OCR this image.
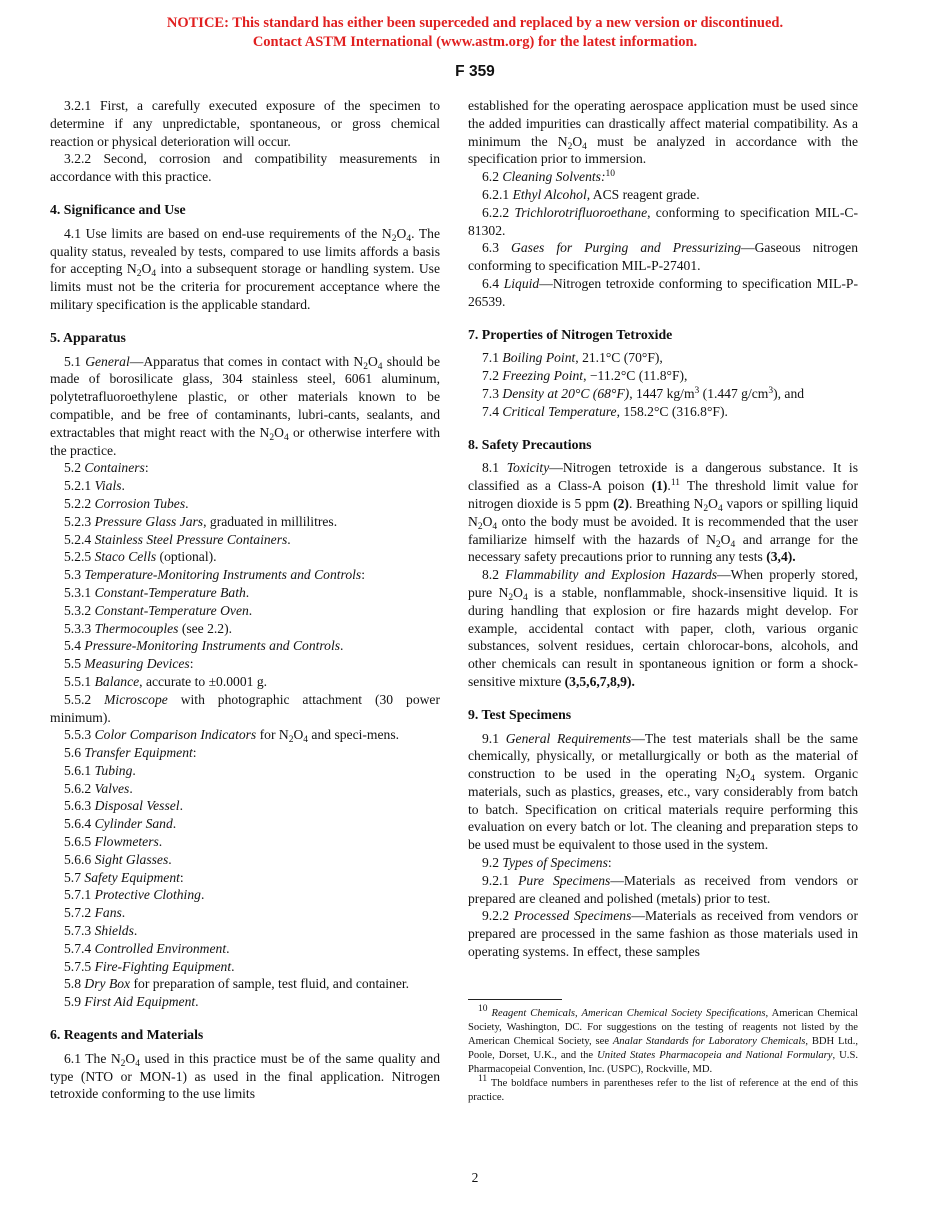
NOTICE: This standard has either been superceded and replaced by a new version or discontinued.
Contact ASTM International (www.astm.org) for the latest information.
F 359

3.2.1 First, a carefully executed exposure of the specimen to determine if any unpredictable, spontaneous, or gross chemical reaction or physical deterioration will occur.

3.2.2 Second, corrosion and compatibility measurements in accordance with this practice.

4. Significance and Use

4.1 Use limits are based on end-use requirements of the $N_2O_4$. The quality status, revealed by tests, compared to use limits affords a basis for accepting $N_2O_4$ into a subsequent storage or handling system. Use limits must not be the criteria for procurement acceptance where the military specification is the applicable standard.

5. Apparatus

5.1 General—Apparatus that comes in contact with $N_2O_4$ should be made of borosilicate glass, 304 stainless steel, 6061 aluminum, polytetrafluoroethylene plastic, or other materials known to be compatible, and be free of contaminants, lubri-cants, sealants, and extractables that might react with the $N_2O_4$ or otherwise interfere with the practice.

5.2 Containers:

5.2.1 Vials.

5.2.2 Corrosion Tubes.

5.2.3 Pressure Glass Jars, graduated in millilitres.

5.2.4 Stainless Steel Pressure Containers.

5.2.5 Staco Cells (optional).

5.3 Temperature-Monitoring Instruments and Controls:

5.3.1 Constant-Temperature Bath.

5.3.2 Constant-Temperature Oven.

5.3.3 Thermocouples (see 2.2).

5.4 Pressure-Monitoring Instruments and Controls.

5.5 Measuring Devices:

5.5.1 Balance, accurate to ±0.0001 g.

5.5.2 Microscope with photographic attachment (30 power minimum).

5.5.3 Color Comparison Indicators for $N_2O_4$ and speci-mens.

5.6 Transfer Equipment:

5.6.1 Tubing.

5.6.2 Valves.

5.6.3 Disposal Vessel.

5.6.4 Cylinder Sand.

5.6.5 Flowmeters.

5.6.6 Sight Glasses.

5.7 Safety Equipment:

5.7.1 Protective Clothing.

5.7.2 Fans.

5.7.3 Shields.

5.7.4 Controlled Environment.

5.7.5 Fire-Fighting Equipment.

5.8 Dry Box for preparation of sample, test fluid, and container.

5.9 First Aid Equipment.

6. Reagents and Materials

6.1 The $N_2O_4$ used in this practice must be of the same quality and type (NTO or MON-1) as used in the final application. Nitrogen tetroxide conforming to the use limits

established for the operating aerospace application must be used since the added impurities can drastically affect material compatibility. As a minimum the $N_2O_4$ must be analyzed in accordance with the specification prior to immersion.

6.2 Cleaning Solvents:$^{10}$

6.2.1 Ethyl Alcohol, ACS reagent grade.

6.2.2 Trichlorotrifluoroethane, conforming to specification MIL-C-81302.

6.3 Gases for Purging and Pressurizing—Gaseous nitrogen conforming to specification MIL-P-27401.

6.4 Liquid—Nitrogen tetroxide conforming to specification MIL-P-26539.

7. Properties of Nitrogen Tetroxide

7.1 Boiling Point, 21.1°C (70°F),

7.2 Freezing Point, −11.2°C (11.8°F),

7.3 Density at 20°C (68°F), 1447 $kg/m^3$ (1.447 $g/cm^3$), and

7.4 Critical Temperature, 158.2°C (316.8°F).

8. Safety Precautions

8.1 Toxicity—Nitrogen tetroxide is a dangerous substance. It is classified as a Class-A poison (1).$^{11}$ The threshold limit value for nitrogen dioxide is 5 ppm (2). Breathing $N_2O_4$ vapors or spilling liquid $N_2O_4$ onto the body must be avoided. It is recommended that the user familiarize himself with the hazards of $N_2O_4$ and arrange for the necessary safety precautions prior to running any tests (3,4).

8.2 Flammability and Explosion Hazards—When properly stored, pure $N_2O_4$ is a stable, nonflammable, shock-insensitive liquid. It is during handling that explosion or fire hazards might develop. For example, accidental contact with paper, cloth, various organic substances, solvent residues, certain chlorocar-bons, alcohols, and other chemicals can result in spontaneous ignition or form a shock-sensitive mixture (3,5,6,7,8,9).

9. Test Specimens

9.1 General Requirements—The test materials shall be the same chemically, physically, or metallurgically or both as the material of construction to be used in the operating $N_2O_4$ system. Organic materials, such as plastics, greases, etc., vary considerably from batch to batch. Specification on critical materials require performing this evaluation on every batch or lot. The cleaning and preparation steps to be used must be equivalent to those used in the system.

9.2 Types of Specimens:

9.2.1 Pure Specimens—Materials as received from vendors or prepared are cleaned and polished (metals) prior to test.

9.2.2 Processed Specimens—Materials as received from vendors or prepared are processed in the same fashion as those materials used in operating systems. In effect, these samples

$^{10}$ Reagent Chemicals, American Chemical Society Specifications, American Chemical Society, Washington, DC. For suggestions on the testing of reagents not listed by the American Chemical Society, see Analar Standards for Laboratory Chemicals, BDH Ltd., Poole, Dorset, U.K., and the United States Pharmacopeia and National Formulary, U.S. Pharmacopeial Convention, Inc. (USPC), Rockville, MD.

$^{11}$ The boldface numbers in parentheses refer to the list of reference at the end of this practice.

2
